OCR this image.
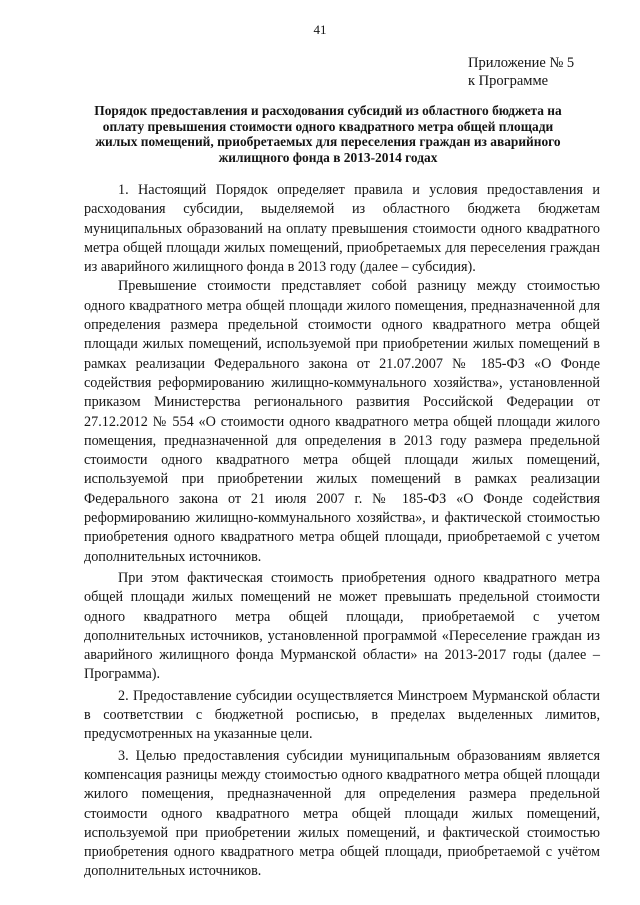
41
Приложение № 5
к Программе
Порядок предоставления и расходования субсидий из областного бюджета на оплату превышения стоимости одного квадратного метра общей площади жилых помещений, приобретаемых для переселения граждан из аварийного жилищного фонда в 2013-2014 годах

1. Настоящий Порядок определяет правила и условия предоставления и расходования субсидии, выделяемой из областного бюджета бюджетам муниципальных образований на оплату превышения стоимости одного квадратного метра общей площади жилых помещений, приобретаемых для переселения граждан из аварийного жилищного фонда в 2013 году (далее – субсидия).

Превышение стоимости представляет собой разницу между стоимостью одного квадратного метра общей площади жилого помещения, предназначенной для определения размера предельной стоимости одного квадратного метра общей площади жилых помещений, используемой при приобретении жилых помещений в рамках реализации Федерального закона от 21.07.2007 № 185-ФЗ «О Фонде содействия реформированию жилищно-коммунального хозяйства», установленной приказом Министерства регионального развития Российской Федерации от 27.12.2012 № 554 «О стоимости одного квадратного метра общей площади жилого помещения, предназначенной для определения в 2013 году размера предельной стоимости одного квадратного метра общей площади жилых помещений, используемой при приобретении жилых помещений в рамках реализации Федерального закона от 21 июля 2007 г. № 185-ФЗ «О Фонде содействия реформированию жилищно-коммунального хозяйства», и фактической стоимостью приобретения одного квадратного метра общей площади, приобретаемой с учетом дополнительных источников.

При этом фактическая стоимость приобретения одного квадратного метра общей площади жилых помещений не может превышать предельной стоимости одного квадратного метра общей площади, приобретаемой с учетом дополнительных источников, установленной программой «Переселение граждан из аварийного жилищного фонда Мурманской области» на 2013-2017 годы (далее – Программа).

2. Предоставление субсидии осуществляется Минстроем Мурманской области в соответствии с бюджетной росписью, в пределах выделенных лимитов, предусмотренных на указанные цели.

3. Целью предоставления субсидии муниципальным образованиям является компенсация разницы между стоимостью одного квадратного метра общей площади жилого помещения, предназначенной для определения размера предельной стоимости одного квадратного метра общей площади жилых помещений, используемой при приобретении жилых помещений, и фактической стоимостью приобретения одного квадратного метра общей площади, приобретаемой с учётом дополнительных источников.
